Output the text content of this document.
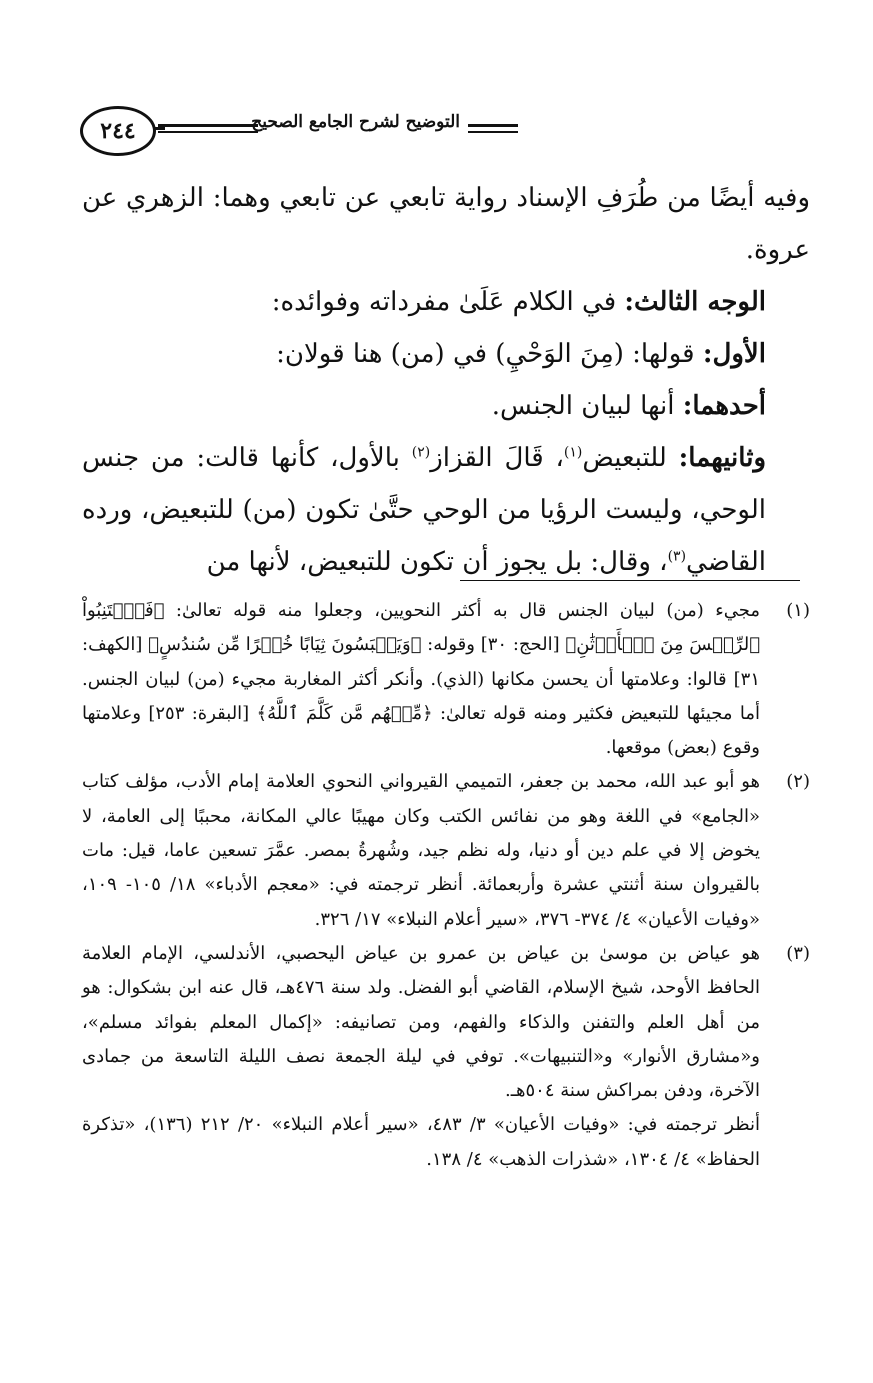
٢٤٤	التوضيح لشرح الجامع الصحيح

وفيه أيضًا من طُرَفِ الإسناد رواية تابعي عن تابعي وهما: الزهري عن عروة.

الوجه الثالث: في الكلام عَلَىٰ مفرداته وفوائده:

الأول: قولها: (مِنَ الوَحْيِ) في (من) هنا قولان:

أحدهما: أنها لبيان الجنس.

وثانيهما: للتبعيض$^{(١)}$، قَالَ القزاز$^{(٢)}$ بالأول، كأنها قالت: من جنس الوحي، وليست الرؤيا من الوحي حتَّىٰ تكون (من) للتبعيض، ورده القاضي$^{(٣)}$، وقال: بل يجوز أن تكون للتبعيض، لأنها من

(١)
مجيء (من) لبيان الجنس قال به أكثر النحويين، وجعلوا منه قوله تعالىٰ: ﴿فَٱجۡتَنِبُواْ ٱلرِّجۡسَ مِنَ ٱلۡأَوۡثَٰنِ﴾ [الحج: ٣٠] وقوله: ﴿وَيَلۡبَسُونَ ثِيَابًا خُضۡرًا مِّن سُندُسٍ﴾ [الكهف: ٣١] قالوا: وعلامتها أن يحسن مكانها (الذي). وأنكر أكثر المغاربة مجيء (من) لبيان الجنس. أما مجيئها للتبعيض فكثير ومنه قوله تعالىٰ: ﴿مِّنۡهُم مَّن كَلَّمَ ٱللَّهُ﴾ [البقرة: ٢٥٣] وعلامتها وقوع (بعض) موقعها.
(٢)
هو أبو عبد الله، محمد بن جعفر، التميمي القيرواني النحوي العلامة إمام الأدب، مؤلف كتاب «الجامع» في اللغة وهو من نفائس الكتب وكان مهيبًا عالي المكانة، محببًا إلى العامة، لا يخوض إلا في علم دين أو دنيا، وله نظم جيد، وشُهرةُ بمصر. عمَّرَ تسعين عاما، قيل: مات بالقيروان سنة أثنتي عشرة وأربعمائة. أنظر ترجمته في: «معجم الأدباء» ١٨/ ١٠٥- ١٠٩، «وفيات الأعيان» ٤/ ٣٧٤- ٣٧٦، «سير أعلام النبلاء» ١٧/ ٣٢٦.
(٣)
هو عياض بن موسىٰ بن عياض بن عمرو بن عياض اليحصبي، الأندلسي، الإمام العلامة الحافظ الأوحد، شيخ الإسلام، القاضي أبو الفضل. ولد سنة ٤٧٦هـ، قال عنه ابن بشكوال: هو من أهل العلم والتفنن والذكاء والفهم، ومن تصانيفه: «إكمال المعلم بفوائد مسلم»، و«مشارق الأنوار» و«التنبيهات». توفي في ليلة الجمعة نصف الليلة التاسعة من جمادى الآخرة، ودفن بمراكش سنة ٥٠٤هـ.

أنظر ترجمته في: «وفيات الأعيان» ٣/ ٤٨٣، «سير أعلام النبلاء» ٢٠/ ٢١٢ (١٣٦)، «تذكرة الحفاظ» ٤/ ١٣٠٤، «شذرات الذهب» ٤/ ١٣٨.
